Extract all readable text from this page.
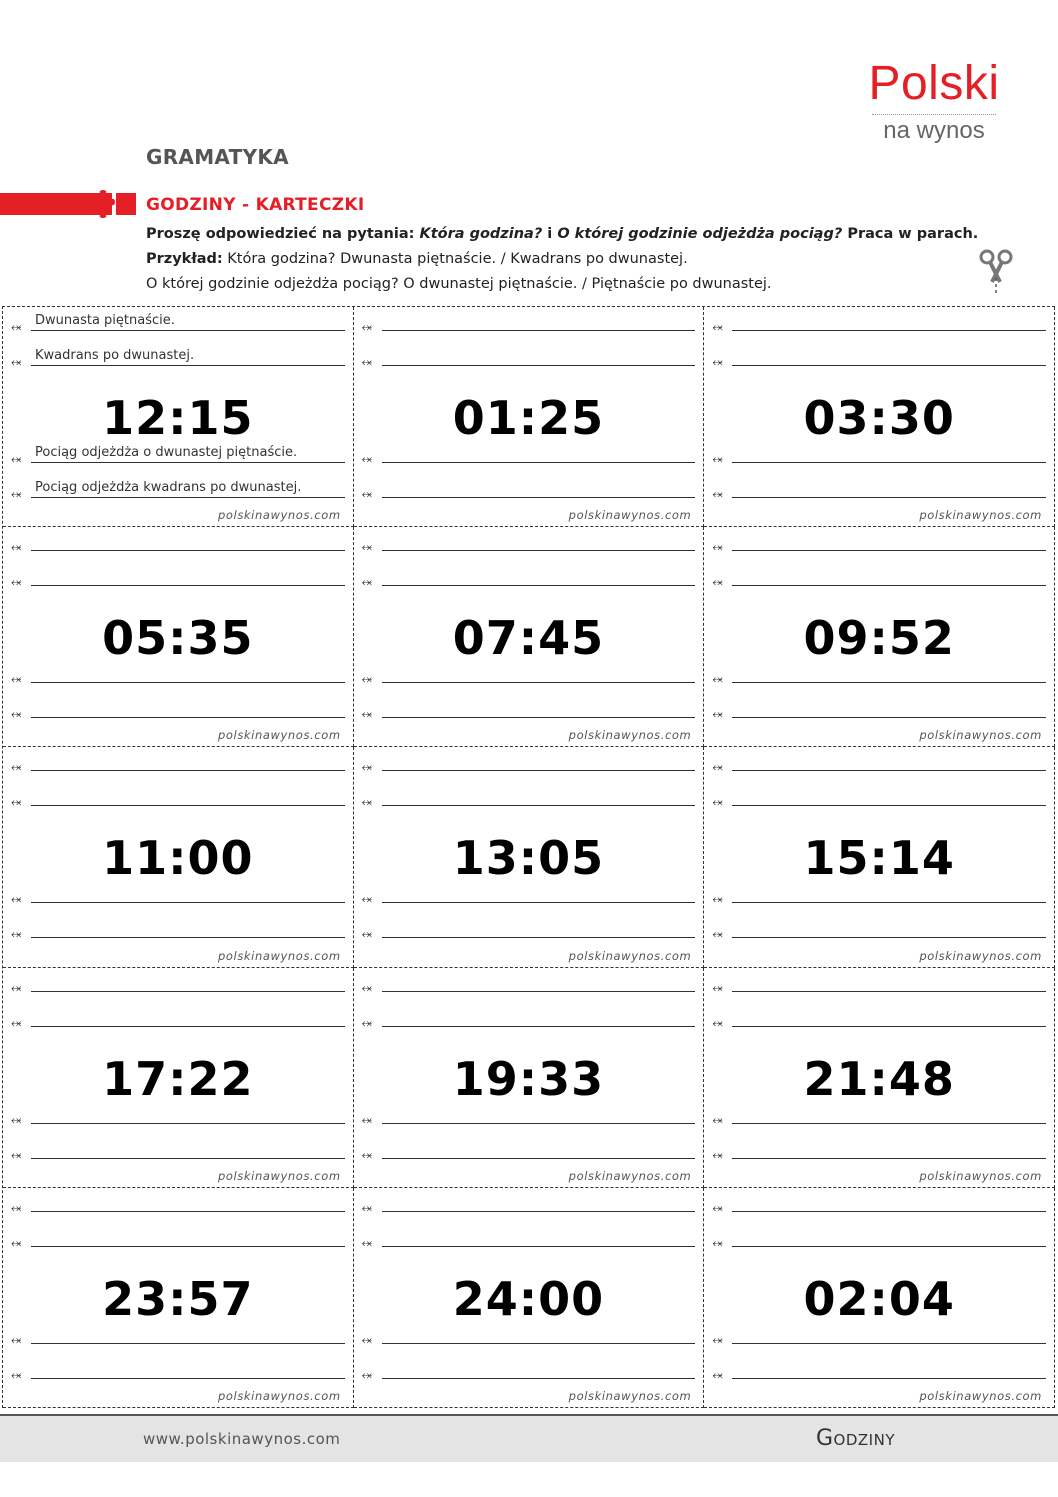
Polski
na wynos
GRAMATYKA
GODZINY - KARTECZKI
Proszę odpowiedzieć na pytania: Która godzina? i O której godzinie odjeżdża pociąg? Praca w parach.
Przykład: Która godzina? Dwunasta piętnaście. / Kwadrans po dwunastej.
O której godzinie odjeżdża pociąg? O dwunastej piętnaście. / Piętnaście po dwunastej.
⬾ Dwunasta piętnaście.
⬾ Kwadrans po dwunastej.
⬾ Pociąg odjeżdża o dwunastej piętnaście.
⬾ Pociąg odjeżdża kwadrans po dwunastej.
12:15
polskinawynos.com
⬾
⬾
⬾
⬾
01:25
polskinawynos.com
⬾
⬾
⬾
⬾
03:30
polskinawynos.com
⬾
⬾
⬾
⬾
05:35
polskinawynos.com
⬾
⬾
⬾
⬾
07:45
polskinawynos.com
⬾
⬾
⬾
⬾
09:52
polskinawynos.com
⬾
⬾
⬾
⬾
11:00
polskinawynos.com
⬾
⬾
⬾
⬾
13:05
polskinawynos.com
⬾
⬾
⬾
⬾
15:14
polskinawynos.com
⬾
⬾
⬾
⬾
17:22
polskinawynos.com
⬾
⬾
⬾
⬾
19:33
polskinawynos.com
⬾
⬾
⬾
⬾
21:48
polskinawynos.com
⬾
⬾
⬾
⬾
23:57
polskinawynos.com
⬾
⬾
⬾
⬾
24:00
polskinawynos.com
⬾
⬾
⬾
⬾
02:04
polskinawynos.com
www.polskinawynos.com	Godziny
